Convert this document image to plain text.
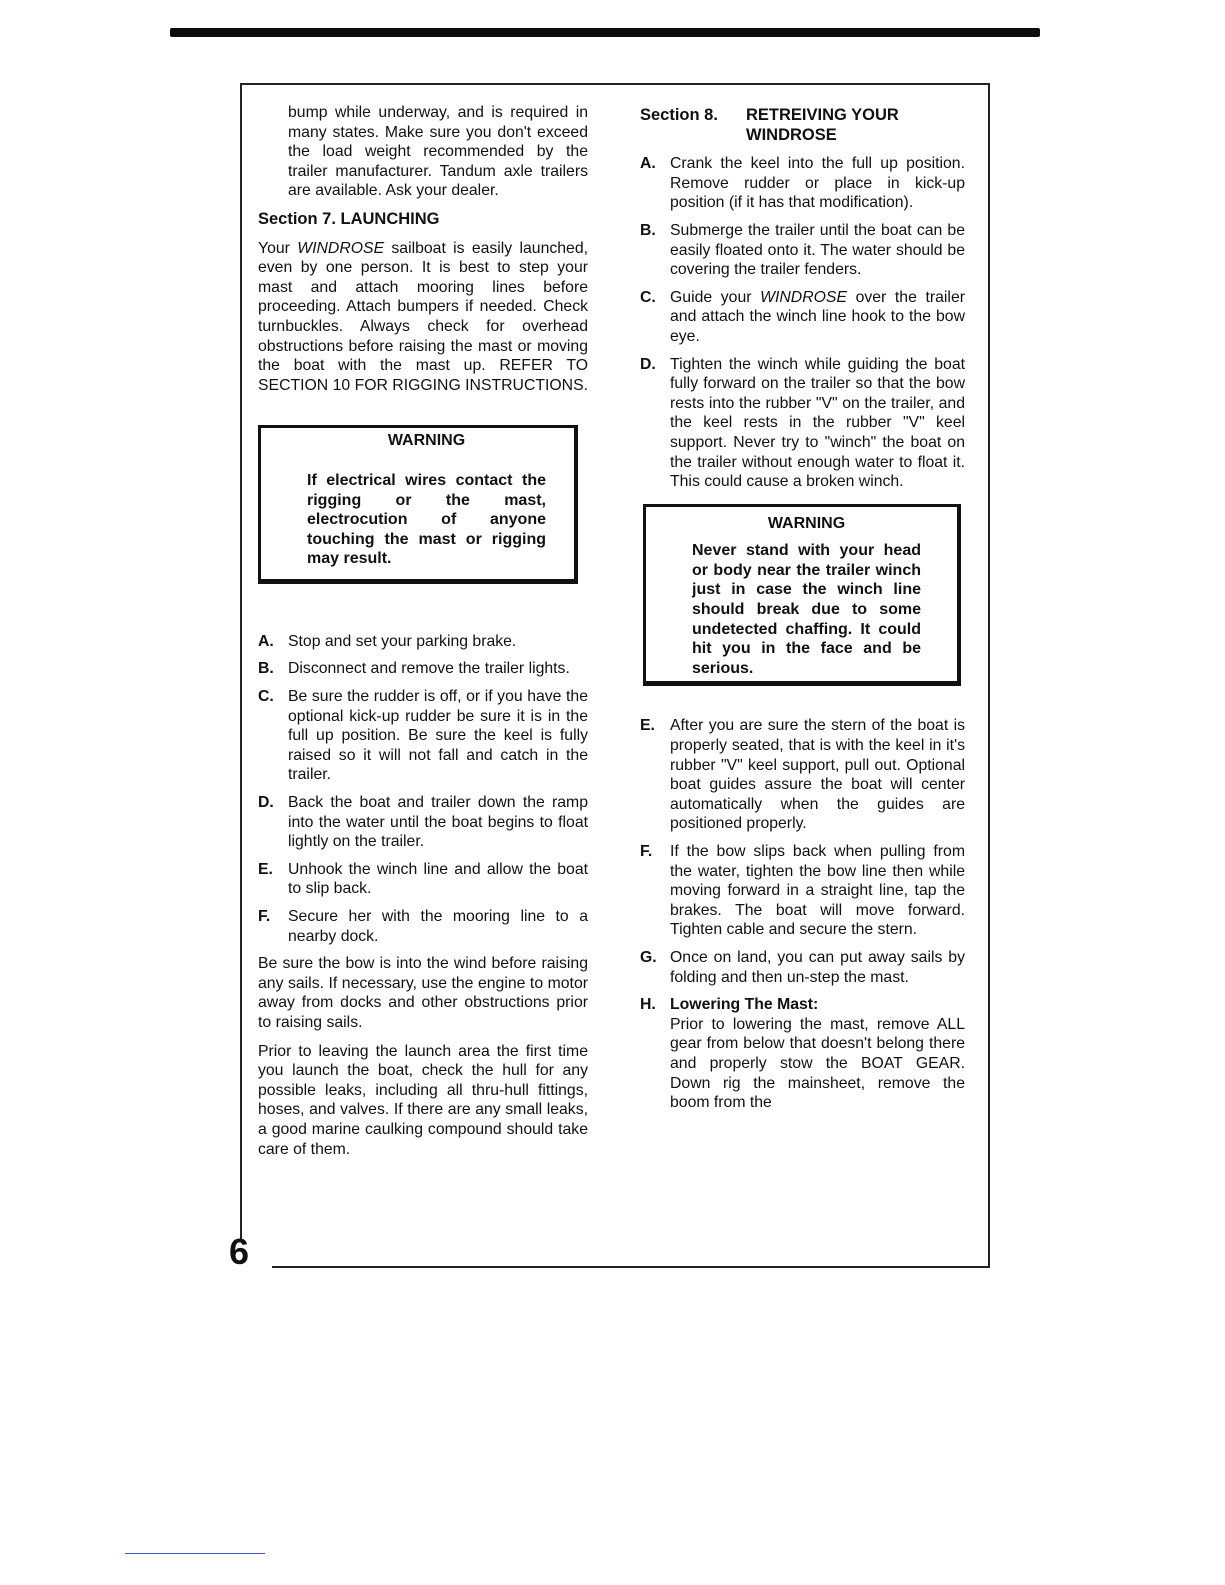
6

bump while underway, and is required in many states. Make sure you don't exceed the load weight recommended by the trailer manufacturer. Tandum axle trailers are available. Ask your dealer.

Section 7. LAUNCHING

Your WINDROSE sailboat is easily launched, even by one person. It is best to step your mast and attach mooring lines before proceeding. Attach bumpers if needed. Check turnbuckles. Always check for overhead obstructions before raising the mast or moving the boat with the mast up. REFER TO SECTION 10 FOR RIGGING INSTRUCTIONS.

WARNING
If electrical wires contact the rigging or the mast, electrocution of anyone touching the mast or rigging may result.
A. Stop and set your parking brake.
B. Disconnect and remove the trailer lights.
C. Be sure the rudder is off, or if you have the optional kick-up rudder be sure it is in the full up position. Be sure the keel is fully raised so it will not fall and catch in the trailer.
D. Back the boat and trailer down the ramp into the water until the boat begins to float lightly on the trailer.
E. Unhook the winch line and allow the boat to slip back.
F.	Secure her with the mooring line to a nearby dock.

Be sure the bow is into the wind before raising any sails. If necessary, use the engine to motor away from docks and other obstructions prior to raising sails.

Prior to leaving the launch area the first time you launch the boat, check the hull for any possible leaks, including all thru-hull fittings, hoses, and valves. If there are any small leaks, a good marine caulking compound should take care of them.

Section 8.	RETREIVING YOUR WINDROSE
A. Crank the keel into the full up position. Remove rudder or place in kick-up position (if it has that modification).
B. Submerge the trailer until the boat can be easily floated onto it. The water should be covering the trailer fenders.
C. Guide your WINDROSE over the trailer and attach the winch line hook to the bow eye.
D. Tighten the winch while guiding the boat fully forward on the trailer so that the bow rests into the rubber "V" on the trailer, and the keel rests in the rubber "V" keel support. Never try to "winch" the boat on the trailer without enough water to float it. This could cause a broken winch.
WARNING
Never stand with your head or body near the trailer winch just in case the winch line should break due to some undetected chaffing. It could hit you in the face and be serious.
E. After you are sure the stern of the boat is properly seated, that is with the keel in it's rubber "V" keel support, pull out. Optional boat guides assure the boat will center automatically when the guides are positioned properly.
F.	If the bow slips back when pulling from the water, tighten the bow line then while moving forward in a straight line, tap the brakes. The boat will move forward. Tighten cable and secure the stern.
G. Once on land, you can put away sails by folding and then un-step the mast.
H. Lowering The Mast:
Prior to lowering the mast, remove ALL gear from below that doesn't belong there and properly stow the BOAT GEAR. Down rig the mainsheet, remove the boom from the
